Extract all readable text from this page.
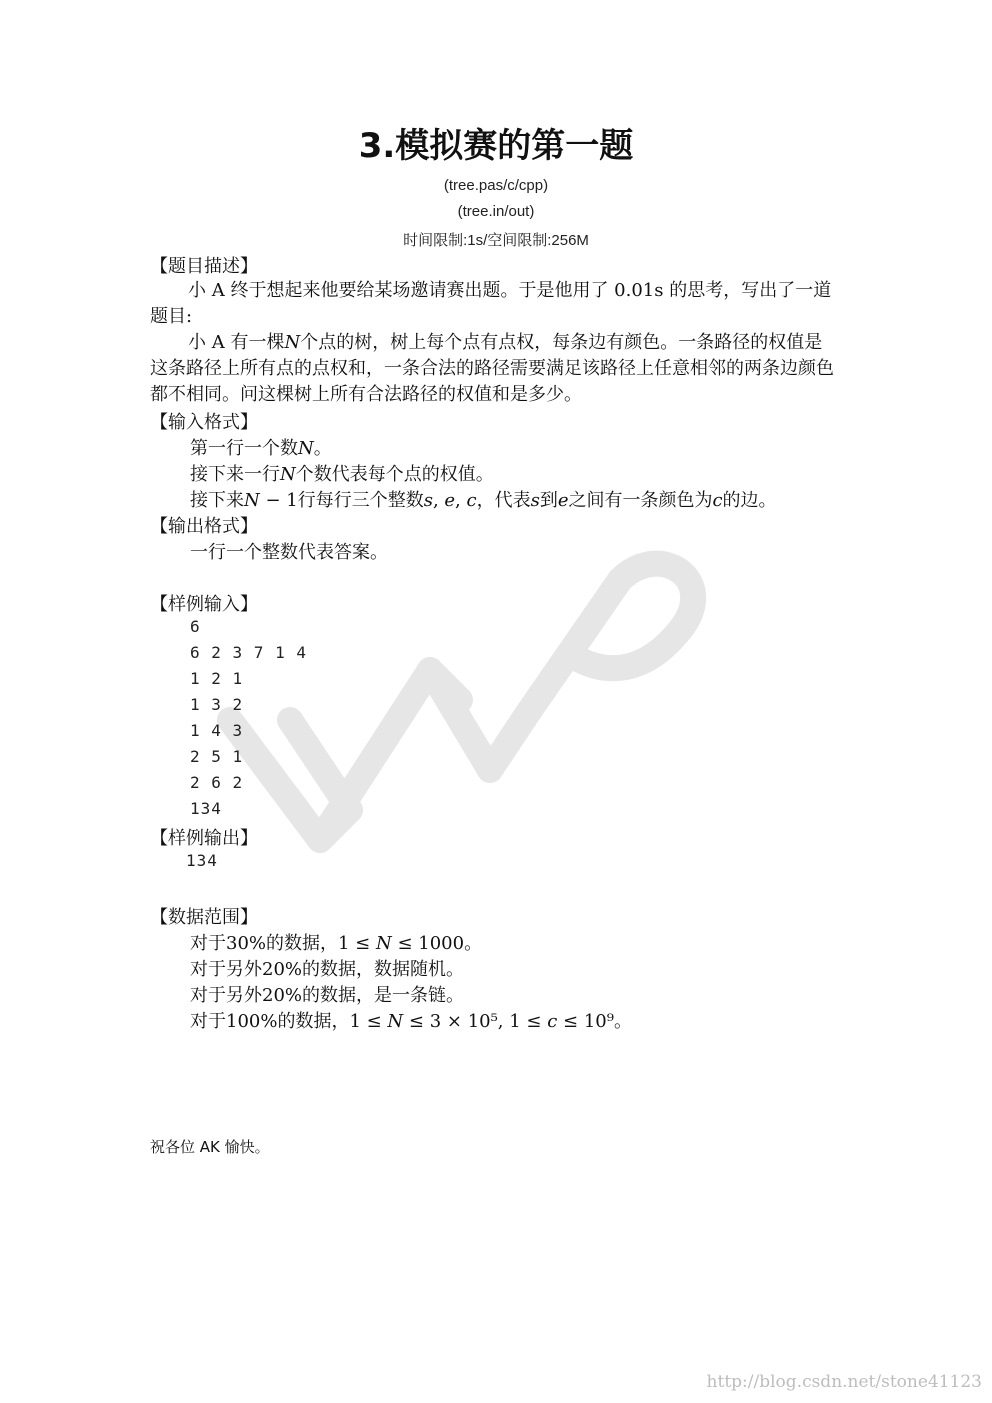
3.模拟赛的第一题
(tree.pas/c/cpp)
(tree.in/out)
时间限制:1s/空间限制:256M
【题目描述】
小 A 终于想起来他要给某场邀请赛出题。于是他用了 0.01s 的思考，写出了一道题目:
小 A 有一棵𝑁个点的树，树上每个点有点权，每条边有颜色。一条路径的权值是这条路径上所有点的点权和，一条合法的路径需要满足该路径上任意相邻的两条边颜色都不相同。问这棵树上所有合法路径的权值和是多少。
【输入格式】
第一行一个数𝑁。
接下来一行𝑁个数代表每个点的权值。
接下来𝑁 − 1行每行三个整数𝑠, 𝑒, 𝑐，代表𝑠到𝑒之间有一条颜色为𝑐的边。
【输出格式】
一行一个整数代表答案。
【样例输入】
6
6 2 3 7 1 4
1 2 1
1 3 2
1 4 3
2 5 1
2 6 2
134
【样例输出】
134
【数据范围】
对于30%的数据，1 ≤ 𝑁 ≤ 1000。
对于另外20%的数据，数据随机。
对于另外20%的数据，是一条链。
对于100%的数据，1 ≤ 𝑁 ≤ 3 × 10⁵, 1 ≤ 𝑐 ≤ 10⁹。
祝各位 AK 愉快。
http://blog.csdn.net/stone41123
